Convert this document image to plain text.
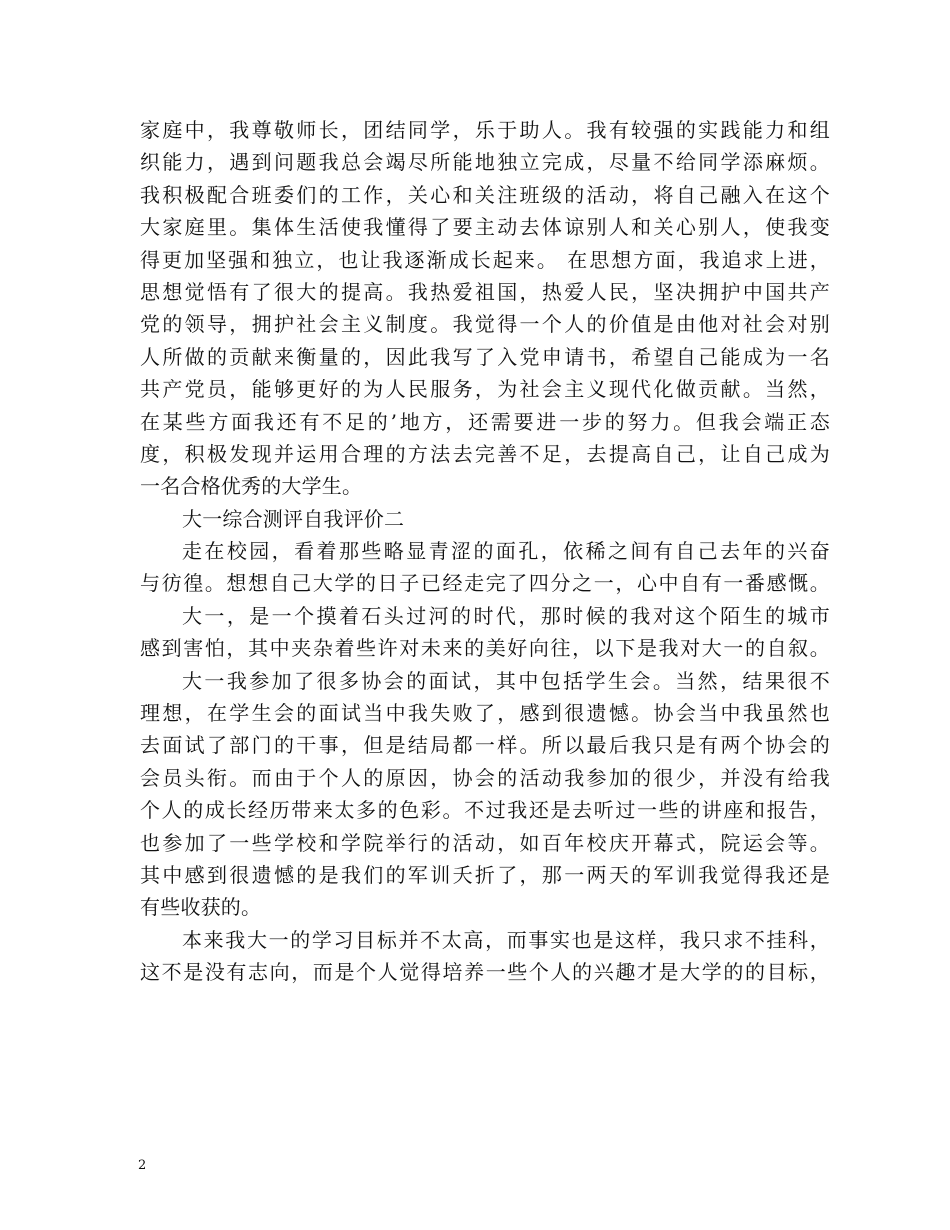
家庭中，我尊敬师长，团结同学，乐于助人。我有较强的实践能力和组
织能力，遇到问题我总会竭尽所能地独立完成，尽量不给同学添麻烦。
我积极配合班委们的工作，关心和关注班级的活动，将自己融入在这个
大家庭里。集体生活使我懂得了要主动去体谅别人和关心别人，使我变
得更加坚强和独立，也让我逐渐成长起来。 在思想方面，我追求上进，
思想觉悟有了很大的提高。我热爱祖国，热爱人民，坚决拥护中国共产
党的领导，拥护社会主义制度。我觉得一个人的价值是由他对社会对别
人所做的贡献来衡量的，因此我写了入党申请书，希望自己能成为一名
共产党员，能够更好的为人民服务，为社会主义现代化做贡献。当然，
在某些方面我还有不足的’地方，还需要进一步的努力。但我会端正态
度，积极发现并运用合理的方法去完善不足，去提高自己，让自己成为
一名合格优秀的大学生。
大一综合测评自我评价二
走在校园，看着那些略显青涩的面孔，依稀之间有自己去年的兴奋
与彷徨。想想自己大学的日子已经走完了四分之一，心中自有一番感慨。
大一，是一个摸着石头过河的时代，那时候的我对这个陌生的城市
感到害怕，其中夹杂着些许对未来的美好向往，以下是我对大一的自叙。
大一我参加了很多协会的面试，其中包括学生会。当然，结果很不
理想，在学生会的面试当中我失败了，感到很遗憾。协会当中我虽然也
去面试了部门的干事，但是结局都一样。所以最后我只是有两个协会的
会员头衔。而由于个人的原因，协会的活动我参加的很少，并没有给我
个人的成长经历带来太多的色彩。不过我还是去听过一些的讲座和报告，
也参加了一些学校和学院举行的活动，如百年校庆开幕式，院运会等。
其中感到很遗憾的是我们的军训夭折了，那一两天的军训我觉得我还是
有些收获的。
本来我大一的学习目标并不太高，而事实也是这样，我只求不挂科，
这不是没有志向，而是个人觉得培养一些个人的兴趣才是大学的的目标，
2
